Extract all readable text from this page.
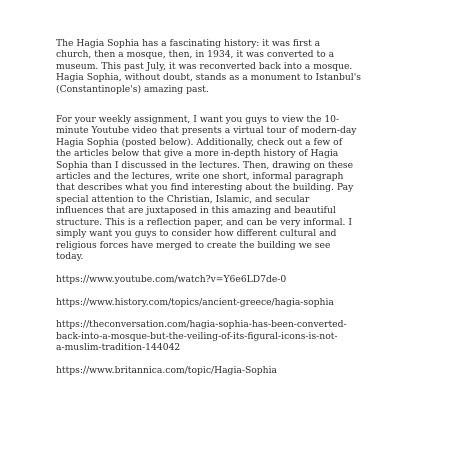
The Hagia Sophia has a fascinating history: it was first a

church, then a mosque, then, in 1934, it was converted to a

museum. This past July, it was reconverted back into a mosque.

Hagia Sophia, without doubt, stands as a monument to Istanbul's

(Constantinople's) amazing past.

For your weekly assignment, I want you guys to view the 10-

minute Youtube video that presents a virtual tour of modern-day

Hagia Sophia (posted below). Additionally, check out a few of

the articles below that give a more in-depth history of Hagia

Sophia than I discussed in the lectures. Then, drawing on these

articles and the lectures, write one short, informal paragraph

that describes what you find interesting about the building. Pay

special attention to the Christian, Islamic, and secular

influences that are juxtaposed in this amazing and beautiful

structure. This is a reflection paper, and can be very informal. I

simply want you guys to consider how different cultural and

religious forces have merged to create the building we see

today.

https://www.youtube.com/watch?v=Y6e6LD7de-0

https://www.history.com/topics/ancient-greece/hagia-sophia

https://theconversation.com/hagia-sophia-has-been-converted-

back-into-a-mosque-but-the-veiling-of-its-figural-icons-is-not-

a-muslim-tradition-144042

https://www.britannica.com/topic/Hagia-Sophia
